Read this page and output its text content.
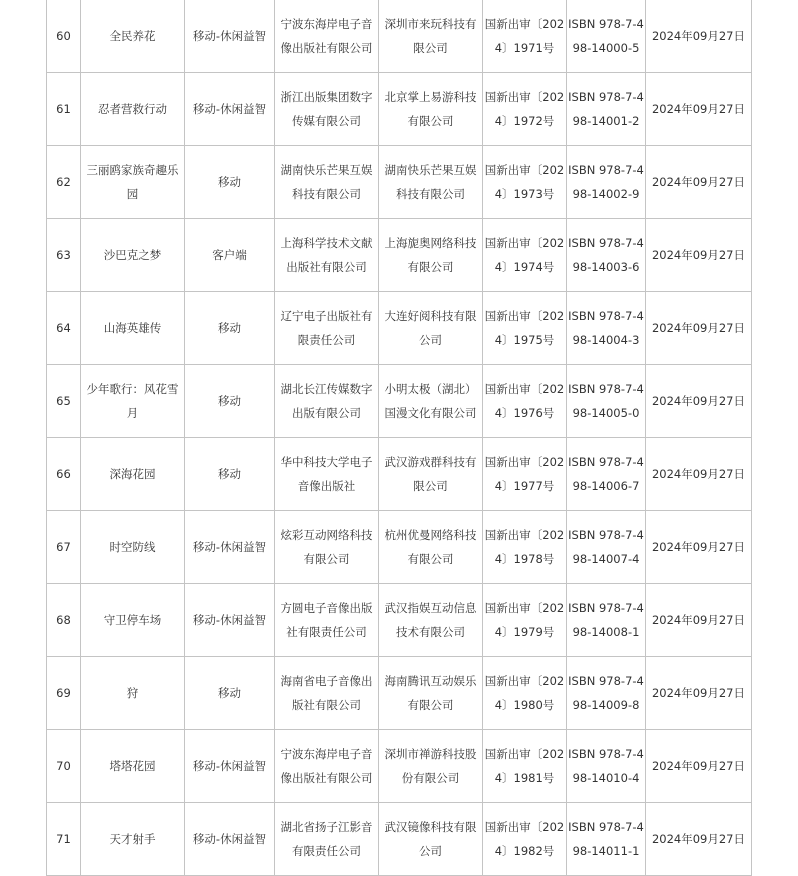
60	全民养花	移动-休闲益智	宁波东海岸电子音像出版社有限公司	深圳市来玩科技有限公司	国新出审〔2024〕1971号	ISBN 978-7-498-14000-5	2024年09月27日
61	忍者营救行动	移动-休闲益智	浙江出版集团数字传媒有限公司	北京掌上易游科技有限公司	国新出审〔2024〕1972号	ISBN 978-7-498-14001-2	2024年09月27日
62	三丽鸥家族奇趣乐园	移动	湖南快乐芒果互娱科技有限公司	湖南快乐芒果互娱科技有限公司	国新出审〔2024〕1973号	ISBN 978-7-498-14002-9	2024年09月27日
63	沙巴克之梦	客户端	上海科学技术文献出版社有限公司	上海旎奥网络科技有限公司	国新出审〔2024〕1974号	ISBN 978-7-498-14003-6	2024年09月27日
64	山海英雄传	移动	辽宁电子出版社有限责任公司	大连好阅科技有限公司	国新出审〔2024〕1975号	ISBN 978-7-498-14004-3	2024年09月27日
65	少年歌行：风花雪月	移动	湖北长江传媒数字出版有限公司	小明太极（湖北）国漫文化有限公司	国新出审〔2024〕1976号	ISBN 978-7-498-14005-0	2024年09月27日
66	深海花园	移动	华中科技大学电子音像出版社	武汉游戏群科技有限公司	国新出审〔2024〕1977号	ISBN 978-7-498-14006-7	2024年09月27日
67	时空防线	移动-休闲益智	炫彩互动网络科技有限公司	杭州优曼网络科技有限公司	国新出审〔2024〕1978号	ISBN 978-7-498-14007-4	2024年09月27日
68	守卫停车场	移动-休闲益智	方圆电子音像出版社有限责任公司	武汉指娱互动信息技术有限公司	国新出审〔2024〕1979号	ISBN 978-7-498-14008-1	2024年09月27日
69	狩	移动	海南省电子音像出版社有限公司	海南腾讯互动娱乐有限公司	国新出审〔2024〕1980号	ISBN 978-7-498-14009-8	2024年09月27日
70	塔塔花园	移动-休闲益智	宁波东海岸电子音像出版社有限公司	深圳市禅游科技股份有限公司	国新出审〔2024〕1981号	ISBN 978-7-498-14010-4	2024年09月27日
71	天才射手	移动-休闲益智	湖北省扬子江影音有限责任公司	武汉镜像科技有限公司	国新出审〔2024〕1982号	ISBN 978-7-498-14011-1	2024年09月27日
